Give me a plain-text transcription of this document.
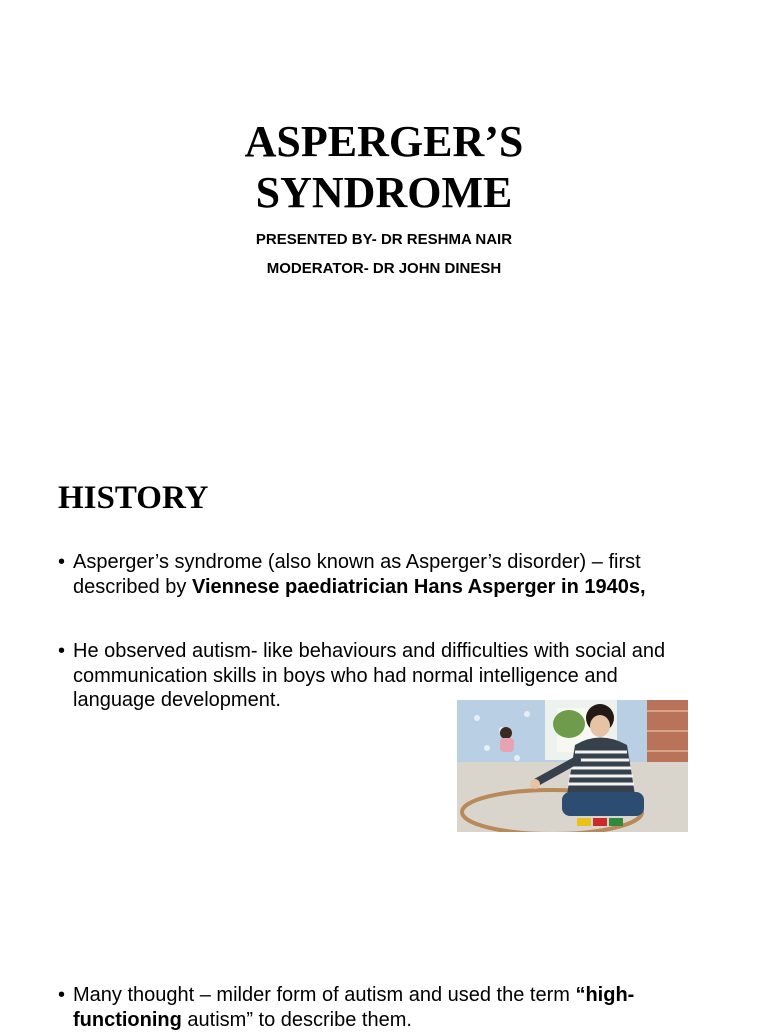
ASPERGER’S
SYNDROME

PRESENTED BY- DR RESHMA NAIR

MODERATOR- DR JOHN DINESH

HISTORY
• Asperger’s syndrome (also known as Asperger’s disorder) – first described by Viennese paediatrician Hans Asperger in 1940s,
• He observed autism- like behaviours and difficulties with social and communication skills in boys who had normal intelligence and language development.
• Many thought – milder form of autism and used the term “high-functioning autism” to describe them.
